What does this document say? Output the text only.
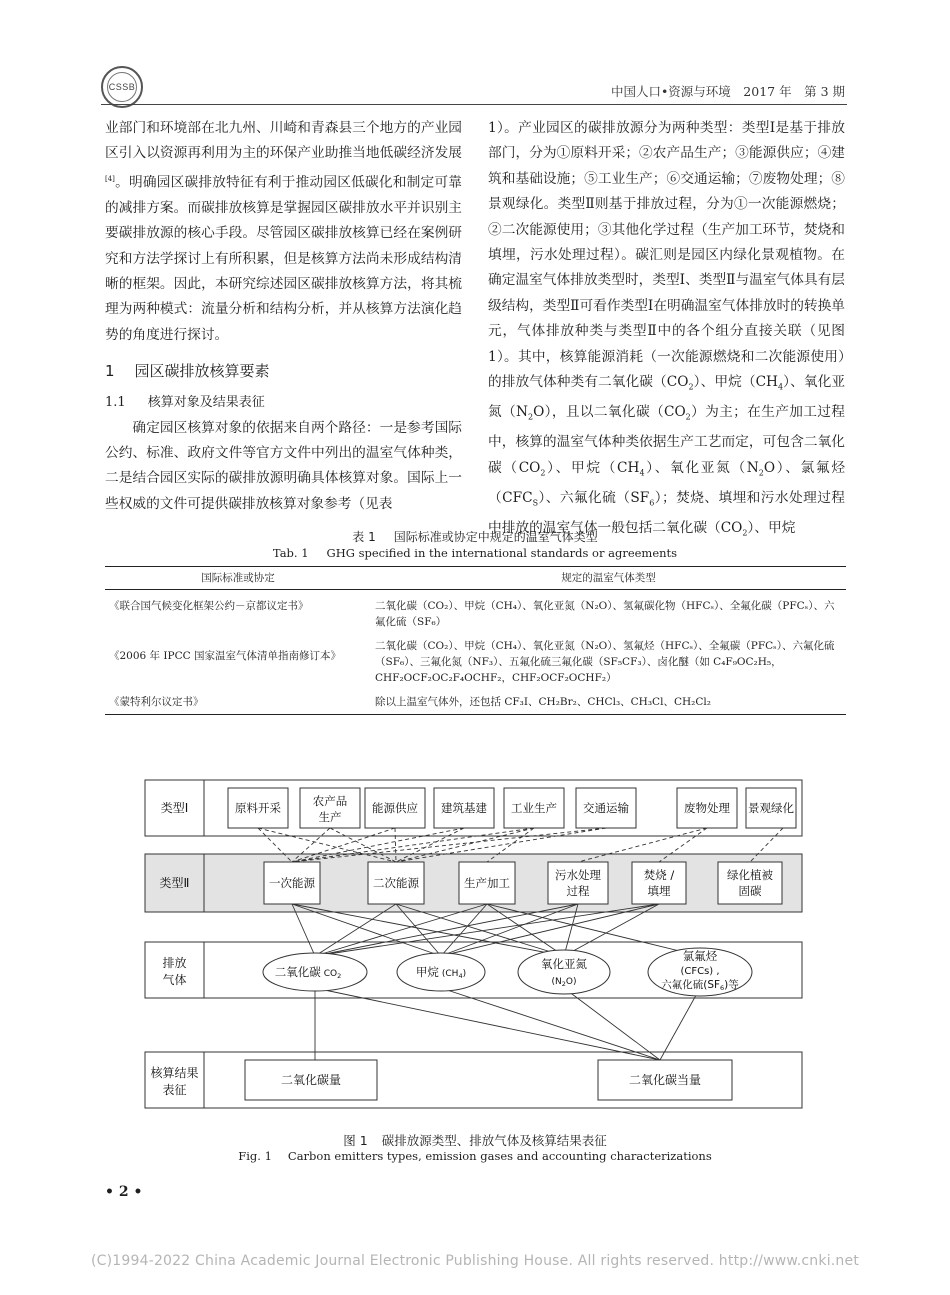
CSSB	中国人口•资源与环境　2017 年　第 3 期

业部门和环境部在北九州、川崎和青森县三个地方的产业园区引入以资源再利用为主的环保产业助推当地低碳经济发展[4]。明确园区碳排放特征有利于推动园区低碳化和制定可靠的减排方案。而碳排放核算是掌握园区碳排放水平并识别主要碳排放源的核心手段。尽管园区碳排放核算已经在案例研究和方法学探讨上有所积累，但是核算方法尚未形成结构清晰的框架。因此，本研究综述园区碳排放核算方法，将其梳理为两种模式：流量分析和结构分析，并从核算方法演化趋势的角度进行探讨。

1 园区碳排放核算要素

1.1 核算对象及结果表征

确定园区核算对象的依据来自两个路径：一是参考国际公约、标准、政府文件等官方文件中列出的温室气体种类，二是结合园区实际的碳排放源明确具体核算对象。国际上一些权威的文件可提供碳排放核算对象参考（见表

1）。产业园区的碳排放源分为两种类型：类型Ⅰ是基于排放部门，分为①原料开采；②农产品生产；③能源供应；④建筑和基础设施；⑤工业生产；⑥交通运输；⑦废物处理；⑧景观绿化。类型Ⅱ则基于排放过程，分为①一次能源燃烧；②二次能源使用；③其他化学过程（生产加工环节，焚烧和填埋，污水处理过程）。碳汇则是园区内绿化景观植物。在确定温室气体排放类型时，类型Ⅰ、类型Ⅱ与温室气体具有层级结构，类型Ⅱ可看作类型Ⅰ在明确温室气体排放时的转换单元，气体排放种类与类型Ⅱ中的各个组分直接关联（见图 1）。其中，核算能源消耗（一次能源燃烧和二次能源使用）的排放气体种类有二氧化碳$(CO_2)$、甲烷$(CH_4)$、氧化亚氮$(N_2O)$，且以二氧化碳$(CO_2)$为主；在生产加工过程中，核算的温室气体种类依据生产工艺而定，可包含二氧化碳$(CO_2)$、甲烷$(CH_4)$、氧化亚氮$(N_2O)$、氯氟烃$(CFC_S)$、六氟化硫$(SF_6)$；焚烧、填埋和污水处理过程中排放的温室气体一般包括二氧化碳$(CO_2)$、甲烷

表 1 国际标准或协定中规定的温室气体类型
Tab. 1 GHG specified in the international standards or agreements
国际标准或协定	规定的温室气体类型
《联合国气候变化框架公约－京都议定书》	二氧化碳（CO₂）、甲烷（CH₄）、氧化亚氮（N₂O）、氢氟碳化物（HFCₛ）、全氟化碳（PFCₛ）、六氟化硫（SF₆）
《2006 年 IPCC 国家温室气体清单指南修订本》	二氧化碳（CO₂）、甲烷（CH₄）、氧化亚氮（N₂O）、氢氟烃（HFCₛ）、全氟碳（PFCₛ）、六氟化硫（SF₆）、三氟化氮（NF₃）、五氟化硫三氟化碳（SF₅CF₃）、卤化醚（如 C₄F₉OC₂H₅，CHF₂OCF₂OC₂F₄OCHF₂，CHF₂OCF₂OCHF₂）
《蒙特利尔议定书》	除以上温室气体外，还包括 CF₃I、CH₂Br₂、CHCl₃、CH₃Cl、CH₂Cl₂
类型Ⅰ
类型Ⅱ
排放
气体
核算结果
表征
原料开采	农产品
生产
能源供应 建筑基建 工业生产 交通运输	废物处理 景观绿化
一次能源	二次能源	生产加工
污水处理
过程
焚烧 /
填埋
绿化植被
固碳
二氧化碳 CO2	甲烷 (CH4)
氧化亚氮
$(N_2O)$
氯氟烃
(CFCs) ,
六氟化硫(SF6)等
二氧化碳量	二氧化碳当量
图 1 碳排放源类型、排放气体及核算结果表征
Fig. 1 Carbon emitters types, emission gases and accounting characterizations
• 2 •
(C)1994-2022 China Academic Journal Electronic Publishing House. All rights reserved. http://www.cnki.net
